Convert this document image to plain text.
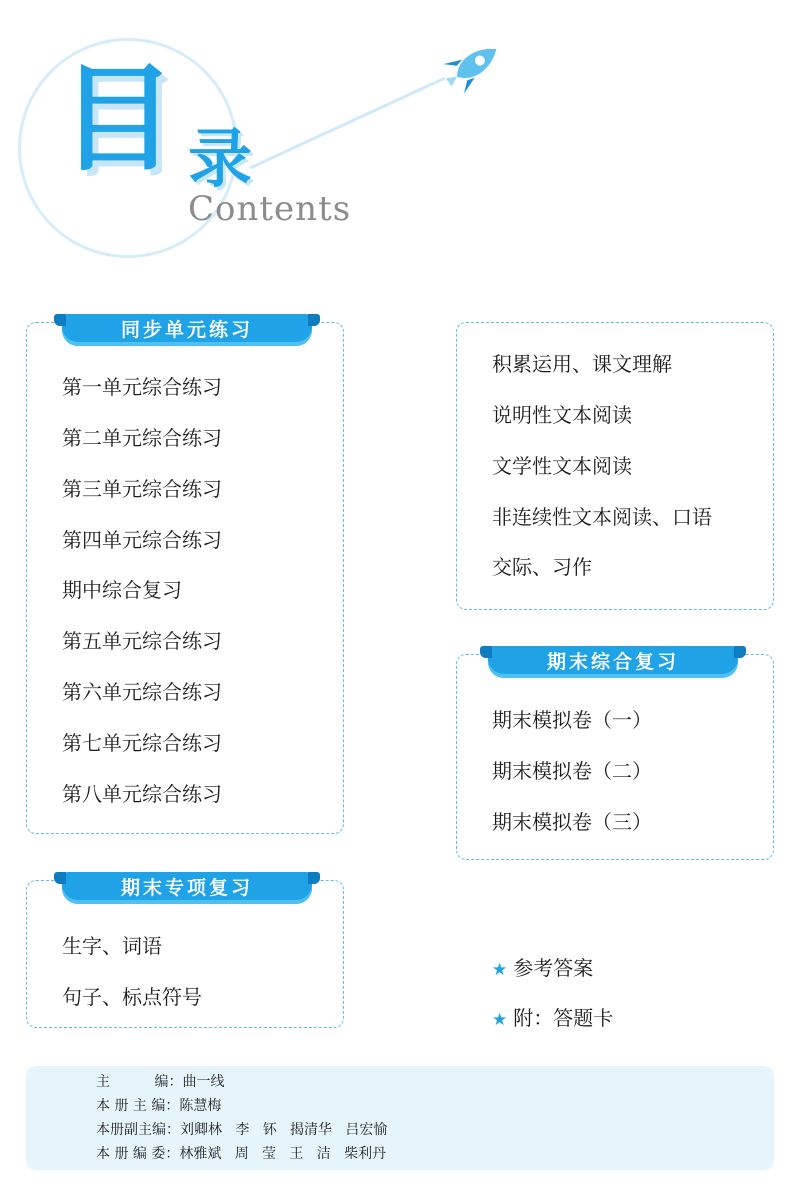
目 录
Contents
同步单元练习
第一单元综合练习
第二单元综合练习
第三单元综合练习
第四单元综合练习
期中综合复习
第五单元综合练习
第六单元综合练习
第七单元综合练习
第八单元综合练习
期末专项复习
生字、词语
句子、标点符号
积累运用、课文理解
说明性文本阅读
文学性文本阅读
非连续性文本阅读、口语
交际、习作
期末综合复习
期末模拟卷（一）
期末模拟卷（二）
期末模拟卷（三）
★ 参考答案
★ 附：答题卡
主          编：曲一线
本 册 主 编：陈慧梅
本册副主编：刘卿林   李   钚   揭清华   吕宏愉
本 册 编 委：林雅斌   周   莹   王   洁   柴利丹
